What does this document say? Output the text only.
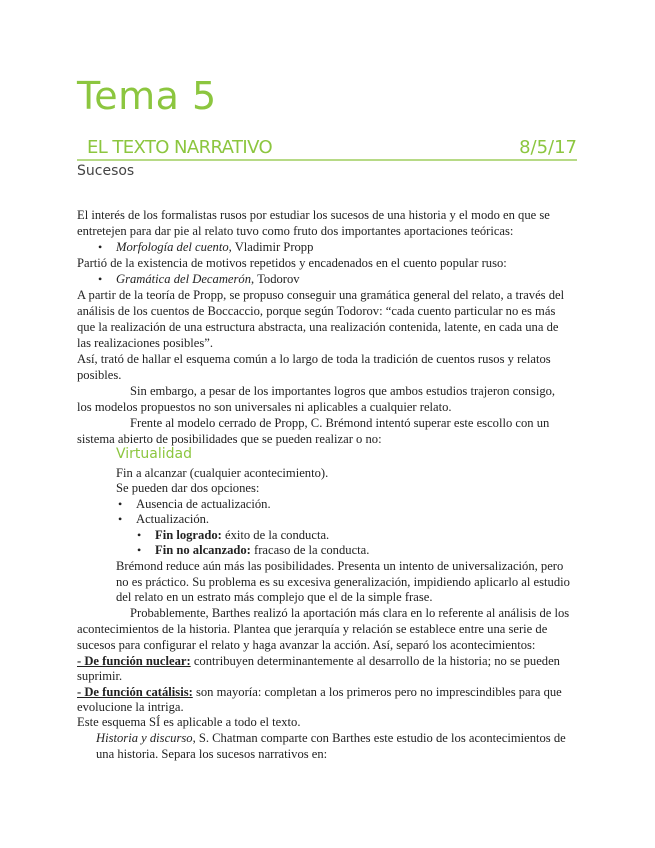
Tema 5
EL TEXTO NARRATIVO	8/5/17
Sucesos
Virtualidad
El interés de los formalistas rusos por estudiar los sucesos de una historia y el modo en que se
entretejen para dar pie al relato tuvo como fruto dos importantes aportaciones teóricas:
• Morfología del cuento, Vladimir Propp
Partió de la existencia de motivos repetidos y encadenados en el cuento popular ruso:
• Gramática del Decamerón, Todorov
A partir de la teoría de Propp, se propuso conseguir una gramática general del relato, a través del
análisis de los cuentos de Boccaccio, porque según Todorov: “cada cuento particular no es más
que la realización de una estructura abstracta, una realización contenida, latente, en cada una de
las realizaciones posibles”.
Así, trató de hallar el esquema común a lo largo de toda la tradición de cuentos rusos y relatos
posibles.
Sin embargo, a pesar de los importantes logros que ambos estudios trajeron consigo,
los modelos propuestos no son universales ni aplicables a cualquier relato.
Frente al modelo cerrado de Propp, C. Brémond intentó superar este escollo con un
sistema abierto de posibilidades que se pueden realizar o no:
Fin a alcanzar (cualquier acontecimiento).
Se pueden dar dos opciones:
• Ausencia de actualización.
• Actualización.
• Fin logrado: éxito de la conducta.
• Fin no alcanzado: fracaso de la conducta.
Brémond reduce aún más las posibilidades. Presenta un intento de universalización, pero
no es práctico. Su problema es su excesiva generalización, impidiendo aplicarlo al estudio
del relato en un estrato más complejo que el de la simple frase.
Probablemente, Barthes realizó la aportación más clara en lo referente al análisis de los
acontecimientos de la historia. Plantea que jerarquía y relación se establece entre una serie de
sucesos para configurar el relato y haga avanzar la acción. Así, separó los acontecimientos:
- De función nuclear: contribuyen determinantemente al desarrollo de la historia; no se pueden
suprimir.
- De función catálisis: son mayoría: completan a los primeros pero no imprescindibles para que
evolucione la intriga.
Este esquema SÍ es aplicable a todo el texto.
Historia y discurso, S. Chatman comparte con Barthes este estudio de los acontecimientos de
una historia. Separa los sucesos narrativos en:
